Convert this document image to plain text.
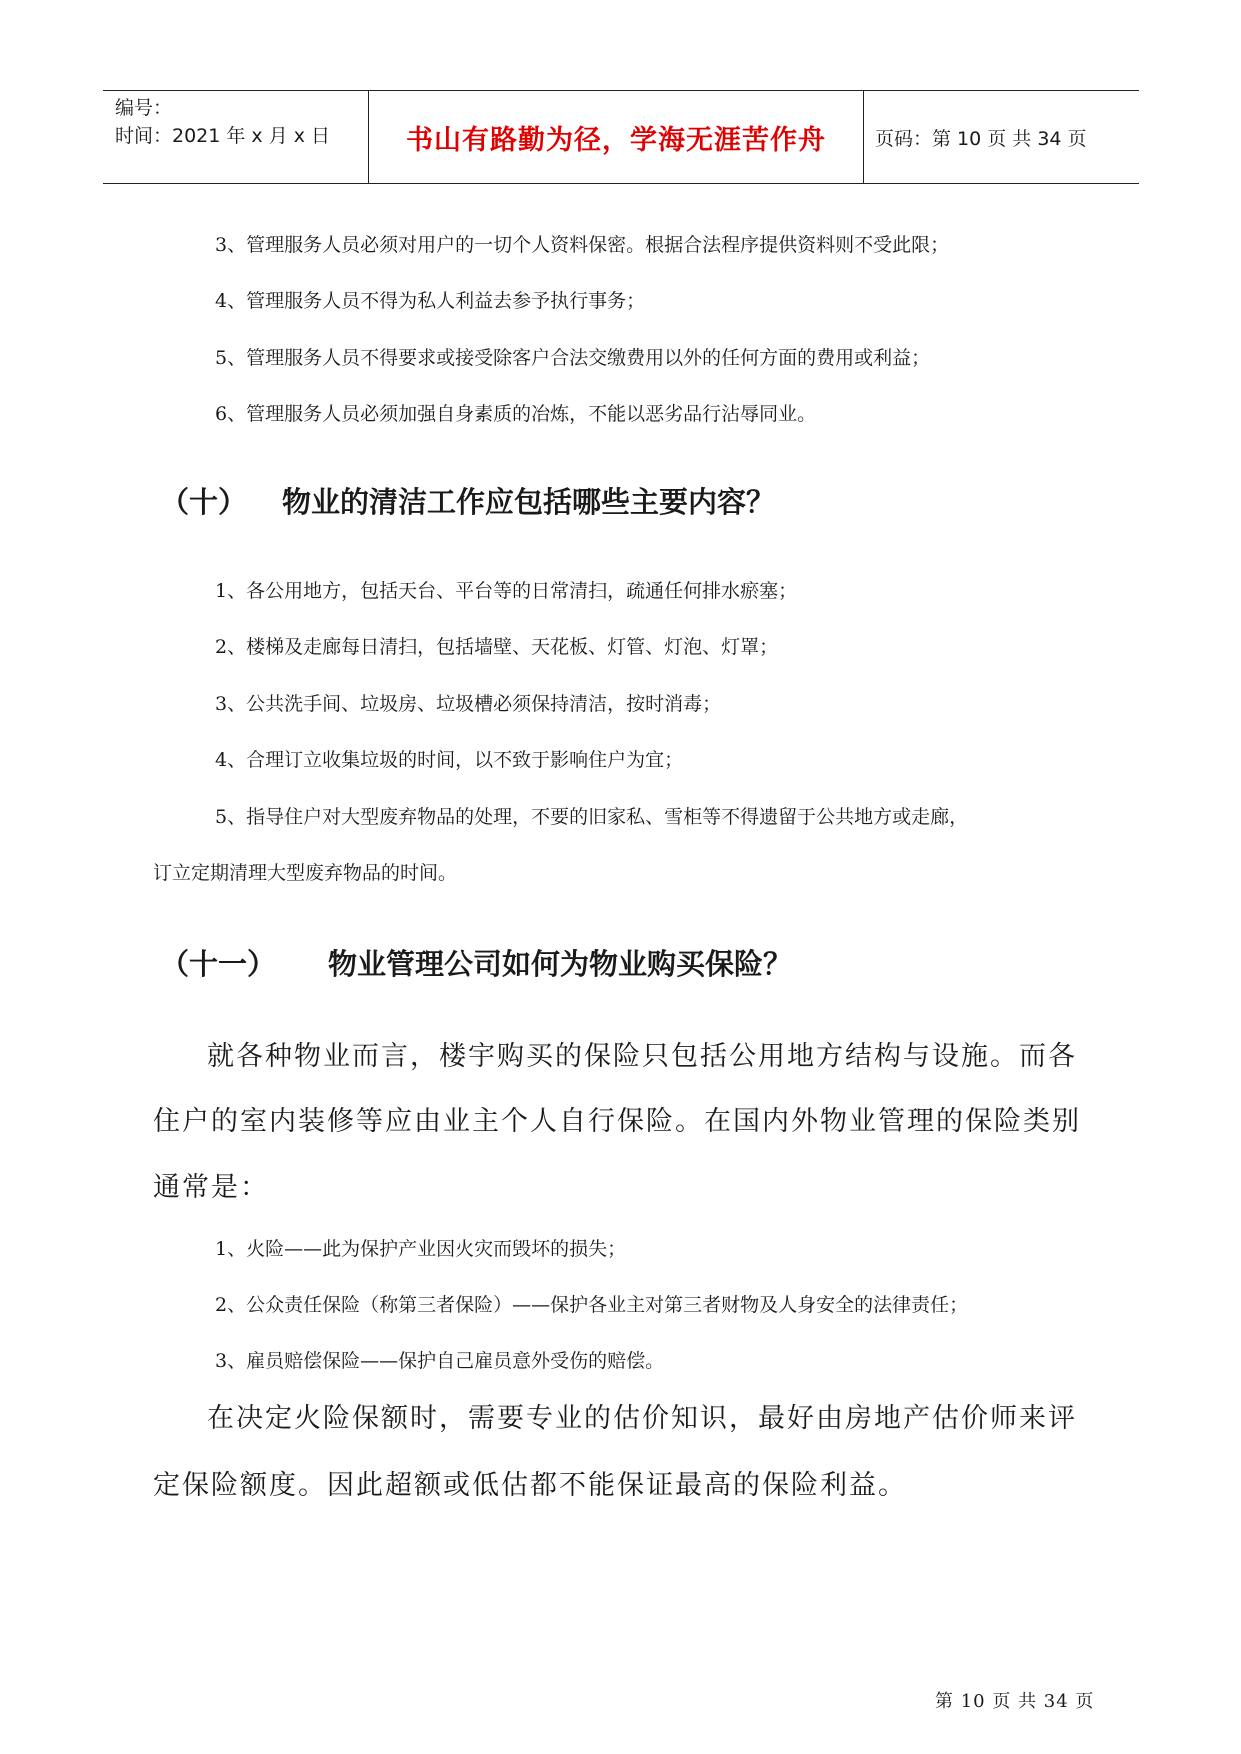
编号：
时间：2021 年 x 月 x 日	书山有路勤为径，学海无涯苦作舟	页码：第 10 页 共 34 页
3、管理服务人员必须对用户的一切个人资料保密。根据合法程序提供资料则不受此限；
4、管理服务人员不得为私人利益去参予执行事务；
5、管理服务人员不得要求或接受除客户合法交缴费用以外的任何方面的费用或利益；
6、管理服务人员必须加强自身素质的冶炼，不能以恶劣品行沾辱同业。
（十） 物业的清洁工作应包括哪些主要内容？
1、各公用地方，包括天台、平台等的日常清扫，疏通任何排水瘀塞；
2、楼梯及走廊每日清扫，包括墙壁、天花板、灯管、灯泡、灯罩；
3、公共洗手间、垃圾房、垃圾槽必须保持清洁，按时消毒；
4、合理订立收集垃圾的时间，以不致于影响住户为宜；
5、指导住户对大型废弃物品的处理，不要的旧家私、雪柜等不得遗留于公共地方或走廊，
订立定期清理大型废弃物品的时间。
（十一） 物业管理公司如何为物业购买保险？
就各种物业而言，楼宇购买的保险只包括公用地方结构与设施。而各
住户的室内装修等应由业主个人自行保险。在国内外物业管理的保险类别
通常是：
1、火险——此为保护产业因火灾而毁坏的损失；
2、公众责任保险（称第三者保险）——保护各业主对第三者财物及人身安全的法律责任；
3、雇员赔偿保险——保护自己雇员意外受伤的赔偿。
在决定火险保额时，需要专业的估价知识，最好由房地产估价师来评
定保险额度。因此超额或低估都不能保证最高的保险利益。
第 10 页 共 34 页
